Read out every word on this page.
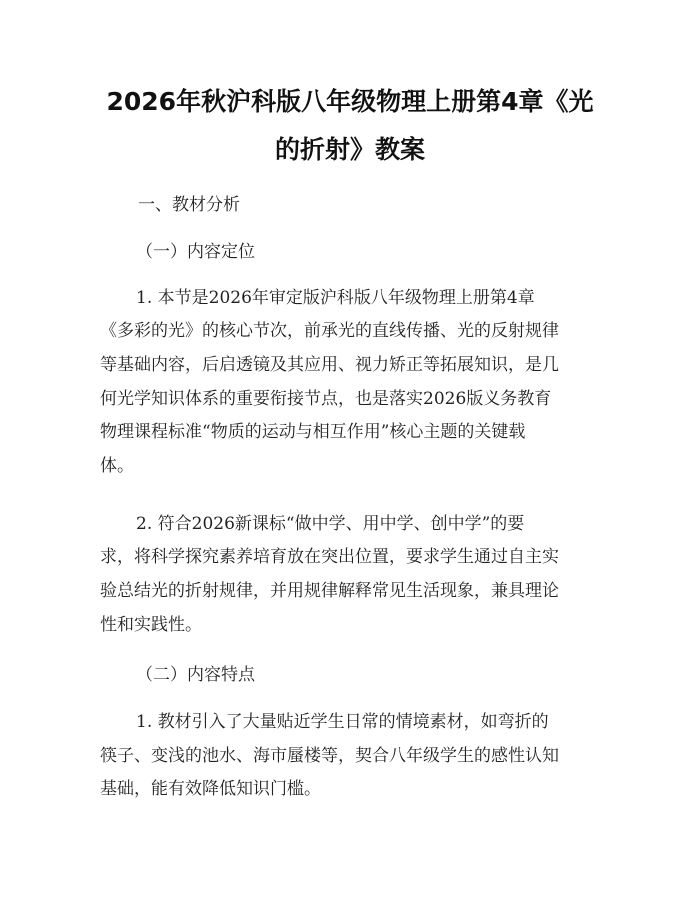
2026年秋沪科版八年级物理上册第4章《光
的折射》教案
一、教材分析
（一）内容定位
1. 本节是2026年审定版沪科版八年级物理上册第4章
《多彩的光》的核心节次，前承光的直线传播、光的反射规律
等基础内容，后启透镜及其应用、视力矫正等拓展知识，是几
何光学知识体系的重要衔接节点，也是落实2026版义务教育
物理课程标准“物质的运动与相互作用”核心主题的关键载
体。
2. 符合2026新课标“做中学、用中学、创中学”的要
求，将科学探究素养培育放在突出位置，要求学生通过自主实
验总结光的折射规律，并用规律解释常见生活现象，兼具理论
性和实践性。
（二）内容特点
1. 教材引入了大量贴近学生日常的情境素材，如弯折的
筷子、变浅的池水、海市蜃楼等，契合八年级学生的感性认知
基础，能有效降低知识门槛。
